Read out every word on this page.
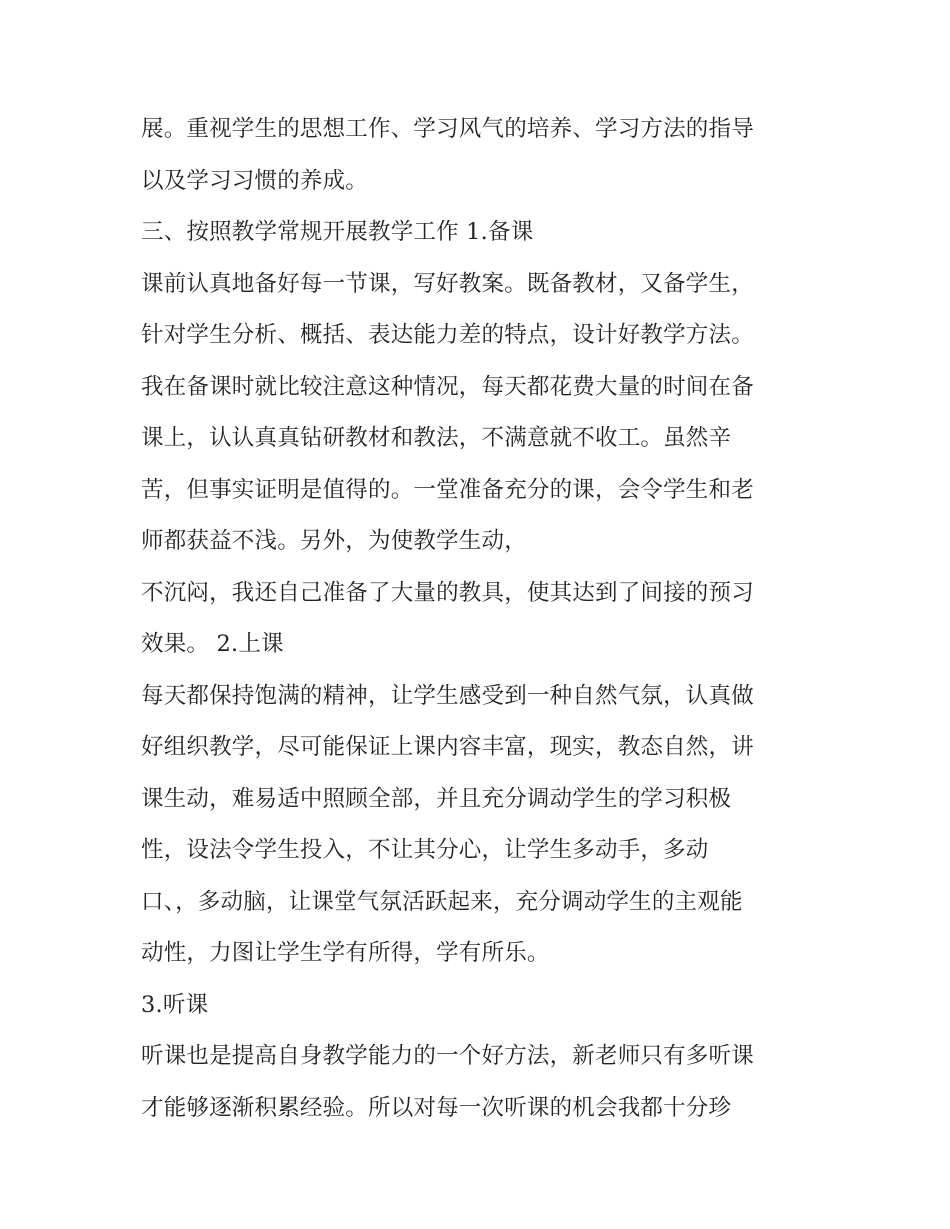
展。重视学生的思想工作、学习风气的培养、学习方法的指导
以及学习习惯的养成。
三、按照教学常规开展教学工作 1.备课
课前认真地备好每一节课，写好教案。既备教材，又备学生，
针对学生分析、概括、表达能力差的特点，设计好教学方法。
我在备课时就比较注意这种情况，每天都花费大量的时间在备
课上，认认真真钻研教材和教法，不满意就不收工。虽然辛
苦，但事实证明是值得的。一堂准备充分的课，会令学生和老
师都获益不浅。另外，为使教学生动，
不沉闷，我还自己准备了大量的教具，使其达到了间接的预习
效果。 2.上课
每天都保持饱满的精神，让学生感受到一种自然气氛，认真做
好组织教学，尽可能保证上课内容丰富，现实，教态自然，讲
课生动，难易适中照顾全部，并且充分调动学生的学习积极
性，设法令学生投入，不让其分心，让学生多动手，多动
口、，多动脑，让课堂气氛活跃起来，充分调动学生的主观能
动性，力图让学生学有所得，学有所乐。
3.听课
听课也是提高自身教学能力的一个好方法，新老师只有多听课
才能够逐渐积累经验。所以对每一次听课的机会我都十分珍
